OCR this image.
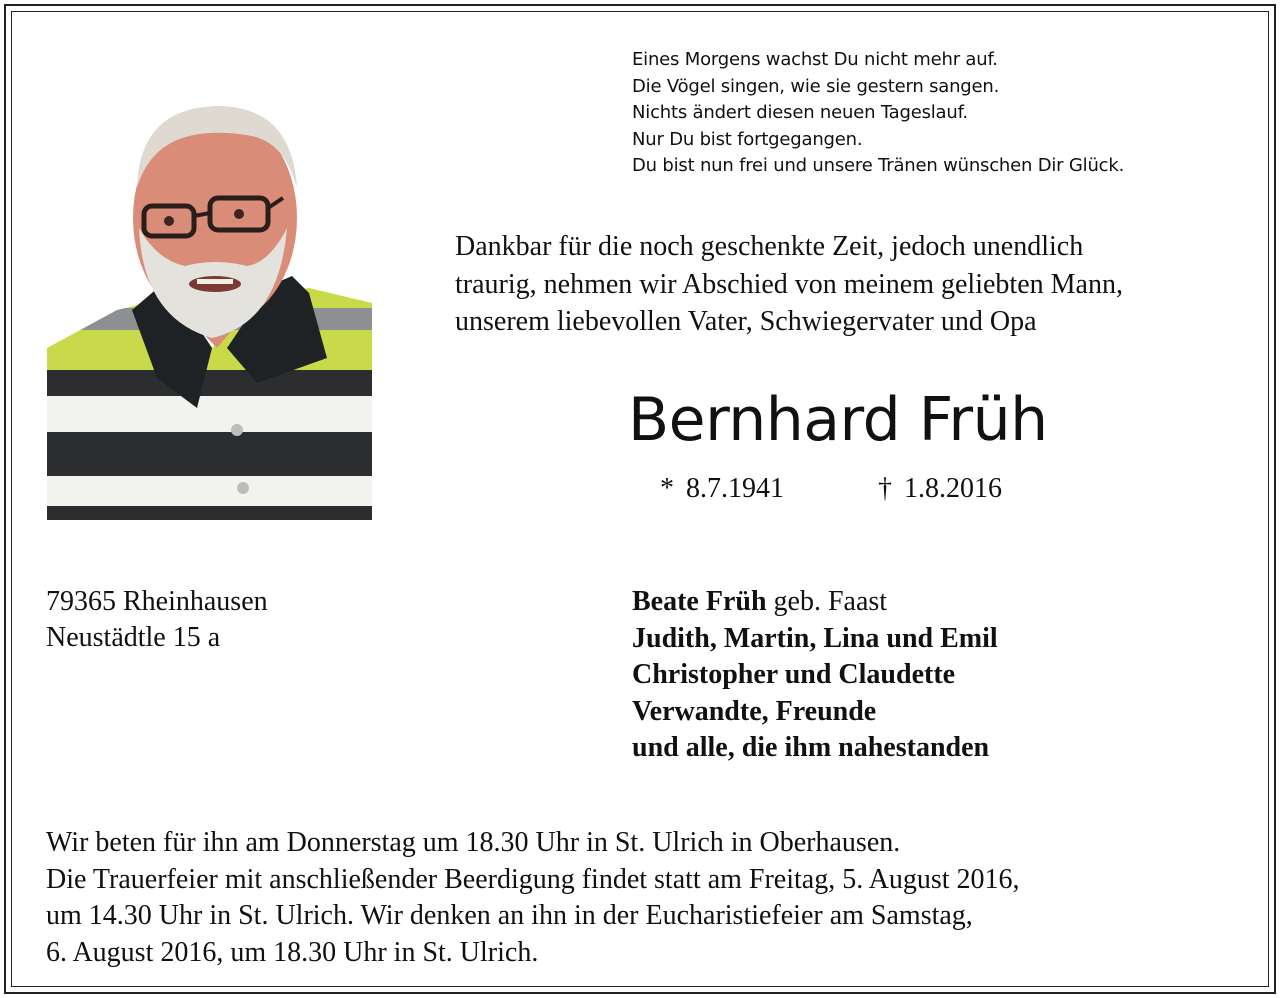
Eines Morgens wachst Du nicht mehr auf.
Die Vögel singen, wie sie gestern sangen.
Nichts ändert diesen neuen Tageslauf.
Nur Du bist fortgegangen.
Du bist nun frei und unsere Tränen wünschen Dir Glück.
Dankbar für die noch geschenkte Zeit, jedoch unendlich
traurig, nehmen wir Abschied von meinem geliebten Mann,
unserem liebevollen Vater, Schwiegervater und Opa
Bernhard Früh
* 8.7.1941	† 1.8.2016
79365 Rheinhausen
Neustädtle 15 a
Beate Früh geb. Faast
Judith, Martin, Lina und Emil
Christopher und Claudette
Verwandte, Freunde
und alle, die ihm nahestanden
Wir beten für ihn am Donnerstag um 18.30 Uhr in St. Ulrich in Oberhausen.
Die Trauerfeier mit anschließender Beerdigung findet statt am Freitag, 5. August 2016,
um 14.30 Uhr in St. Ulrich. Wir denken an ihn in der Eucharistiefeier am Samstag,
6. August 2016, um 18.30 Uhr in St. Ulrich.
